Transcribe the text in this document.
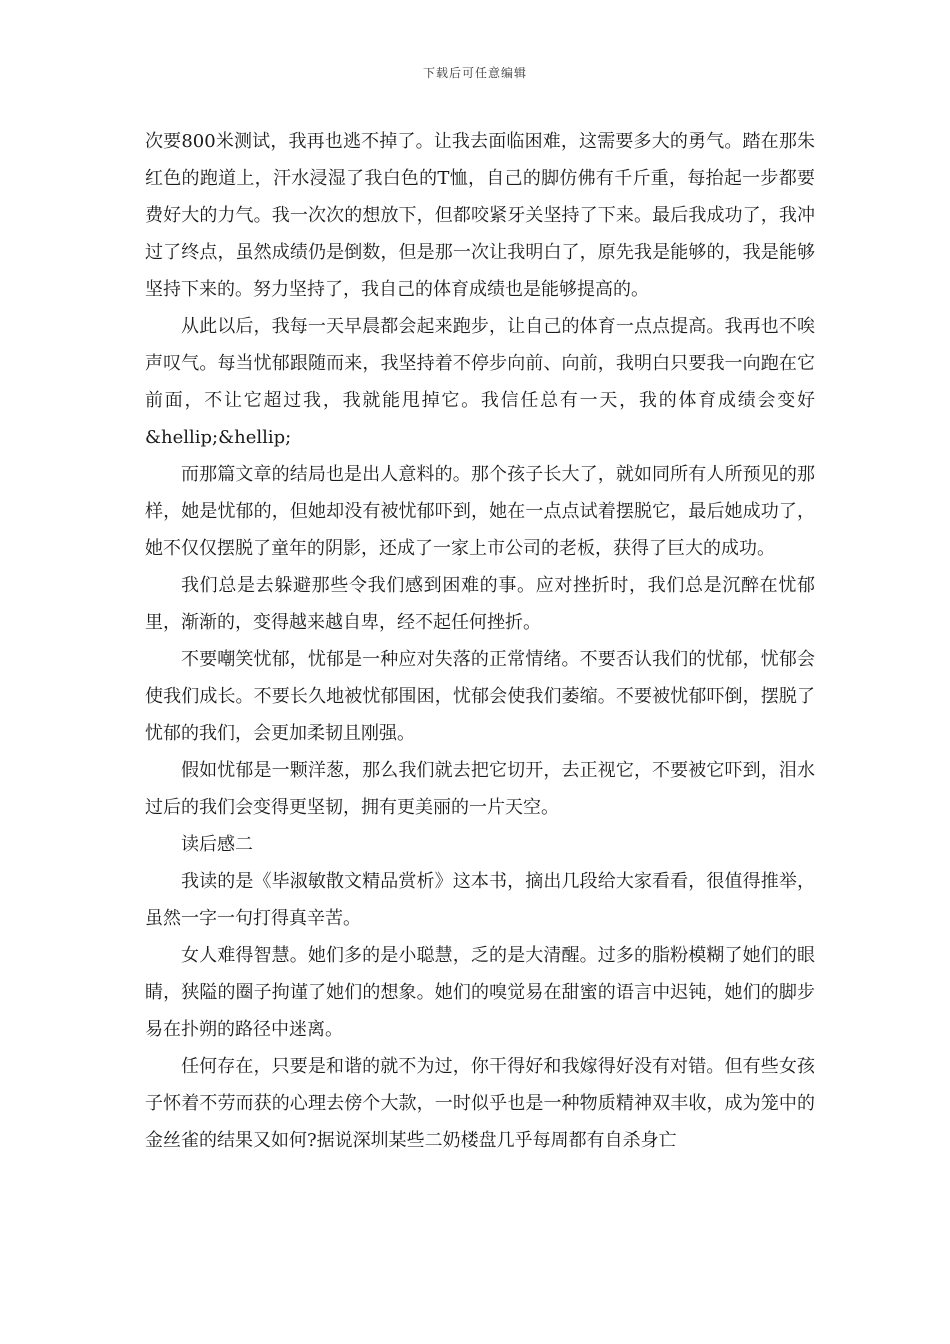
下载后可任意编辑

次要800米测试，我再也逃不掉了。让我去面临困难，这需要多大的勇气。踏在那朱红色的跑道上，汗水浸湿了我白色的T恤，自己的脚仿佛有千斤重，每抬起一步都要费好大的力气。我一次次的想放下，但都咬紧牙关坚持了下来。最后我成功了，我冲过了终点，虽然成绩仍是倒数，但是那一次让我明白了，原先我是能够的，我是能够坚持下来的。努力坚持了，我自己的体育成绩也是能够提高的。

从此以后，我每一天早晨都会起来跑步，让自己的体育一点点提高。我再也不唉声叹气。每当忧郁跟随而来，我坚持着不停步向前、向前，我明白只要我一向跑在它前面，不让它超过我，我就能甩掉它。我信任总有一天，我的体育成绩会变好&hellip;&hellip;

而那篇文章的结局也是出人意料的。那个孩子长大了，就如同所有人所预见的那样，她是忧郁的，但她却没有被忧郁吓到，她在一点点试着摆脱它，最后她成功了，她不仅仅摆脱了童年的阴影，还成了一家上市公司的老板，获得了巨大的成功。

我们总是去躲避那些令我们感到困难的事。应对挫折时，我们总是沉醉在忧郁里，渐渐的，变得越来越自卑，经不起任何挫折。

不要嘲笑忧郁，忧郁是一种应对失落的正常情绪。不要否认我们的忧郁，忧郁会使我们成长。不要长久地被忧郁围困，忧郁会使我们萎缩。不要被忧郁吓倒，摆脱了忧郁的我们，会更加柔韧且刚强。

假如忧郁是一颗洋葱，那么我们就去把它切开，去正视它，不要被它吓到，泪水过后的我们会变得更坚韧，拥有更美丽的一片天空。

读后感二

我读的是《毕淑敏散文精品赏析》这本书，摘出几段给大家看看，很值得推举，虽然一字一句打得真辛苦。

女人难得智慧。她们多的是小聪慧，乏的是大清醒。过多的脂粉模糊了她们的眼睛，狭隘的圈子拘谨了她们的想象。她们的嗅觉易在甜蜜的语言中迟钝，她们的脚步易在扑朔的路径中迷离。

任何存在，只要是和谐的就不为过，你干得好和我嫁得好没有对错。但有些女孩子怀着不劳而获的心理去傍个大款，一时似乎也是一种物质精神双丰收，成为笼中的金丝雀的结果又如何?据说深圳某些二奶楼盘几乎每周都有自杀身亡
